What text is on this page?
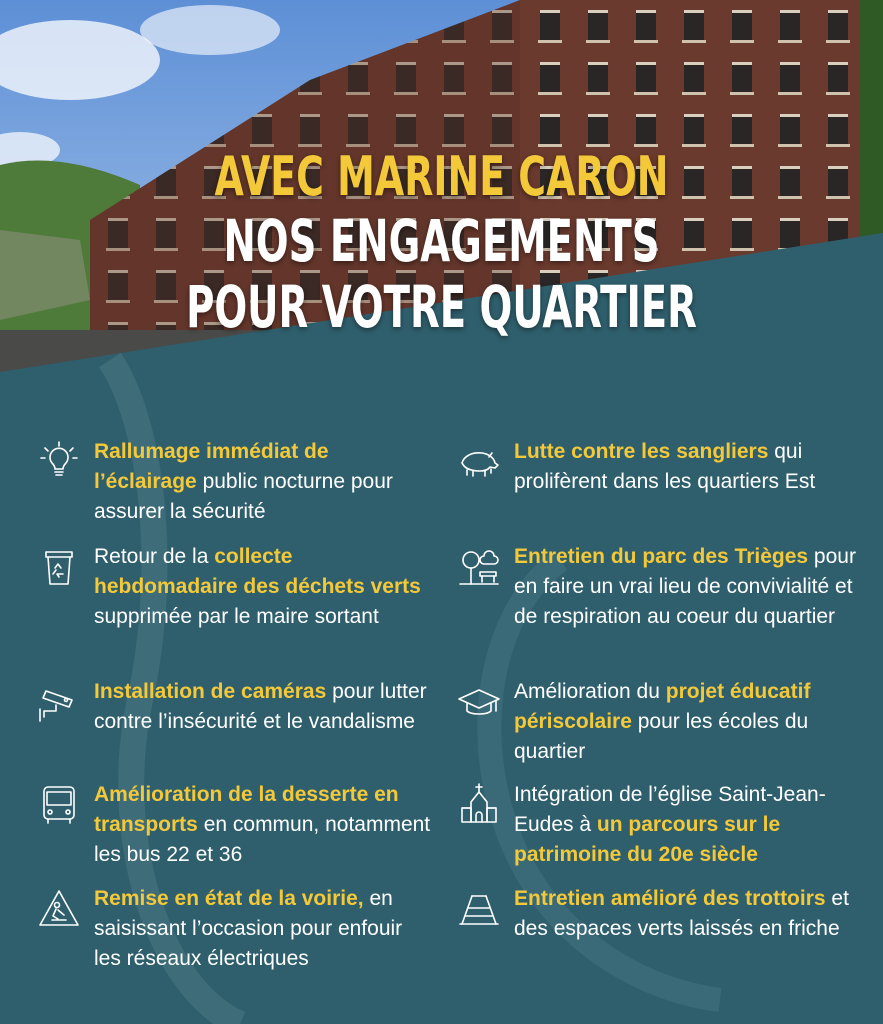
AVEC MARINE CARON
NOS ENGAGEMENTS
POUR VOTRE QUARTIER
Rallumage immédiat de l’éclairage public nocturne pour assurer la sécurité
Retour de la collecte hebdomadaire des déchets verts supprimée par le maire sortant
Installation de caméras pour lutter contre l’insécurité et le vandalisme
Amélioration de la desserte en transports en commun, notamment les bus 22 et 36
Remise en état de la voirie, en saisissant l’occasion pour enfouir les réseaux électriques
Lutte contre les sangliers qui prolifèrent dans les quartiers Est
Entretien du parc des Trièges pour en faire un vrai lieu de convivialité et de respiration au coeur du quartier
Amélioration du projet éducatif périscolaire pour les écoles du quartier
Intégration de l’église Saint-Jean-Eudes à un parcours sur le patrimoine du 20e siècle
Entretien amélioré des trottoirs et des espaces verts laissés en friche
